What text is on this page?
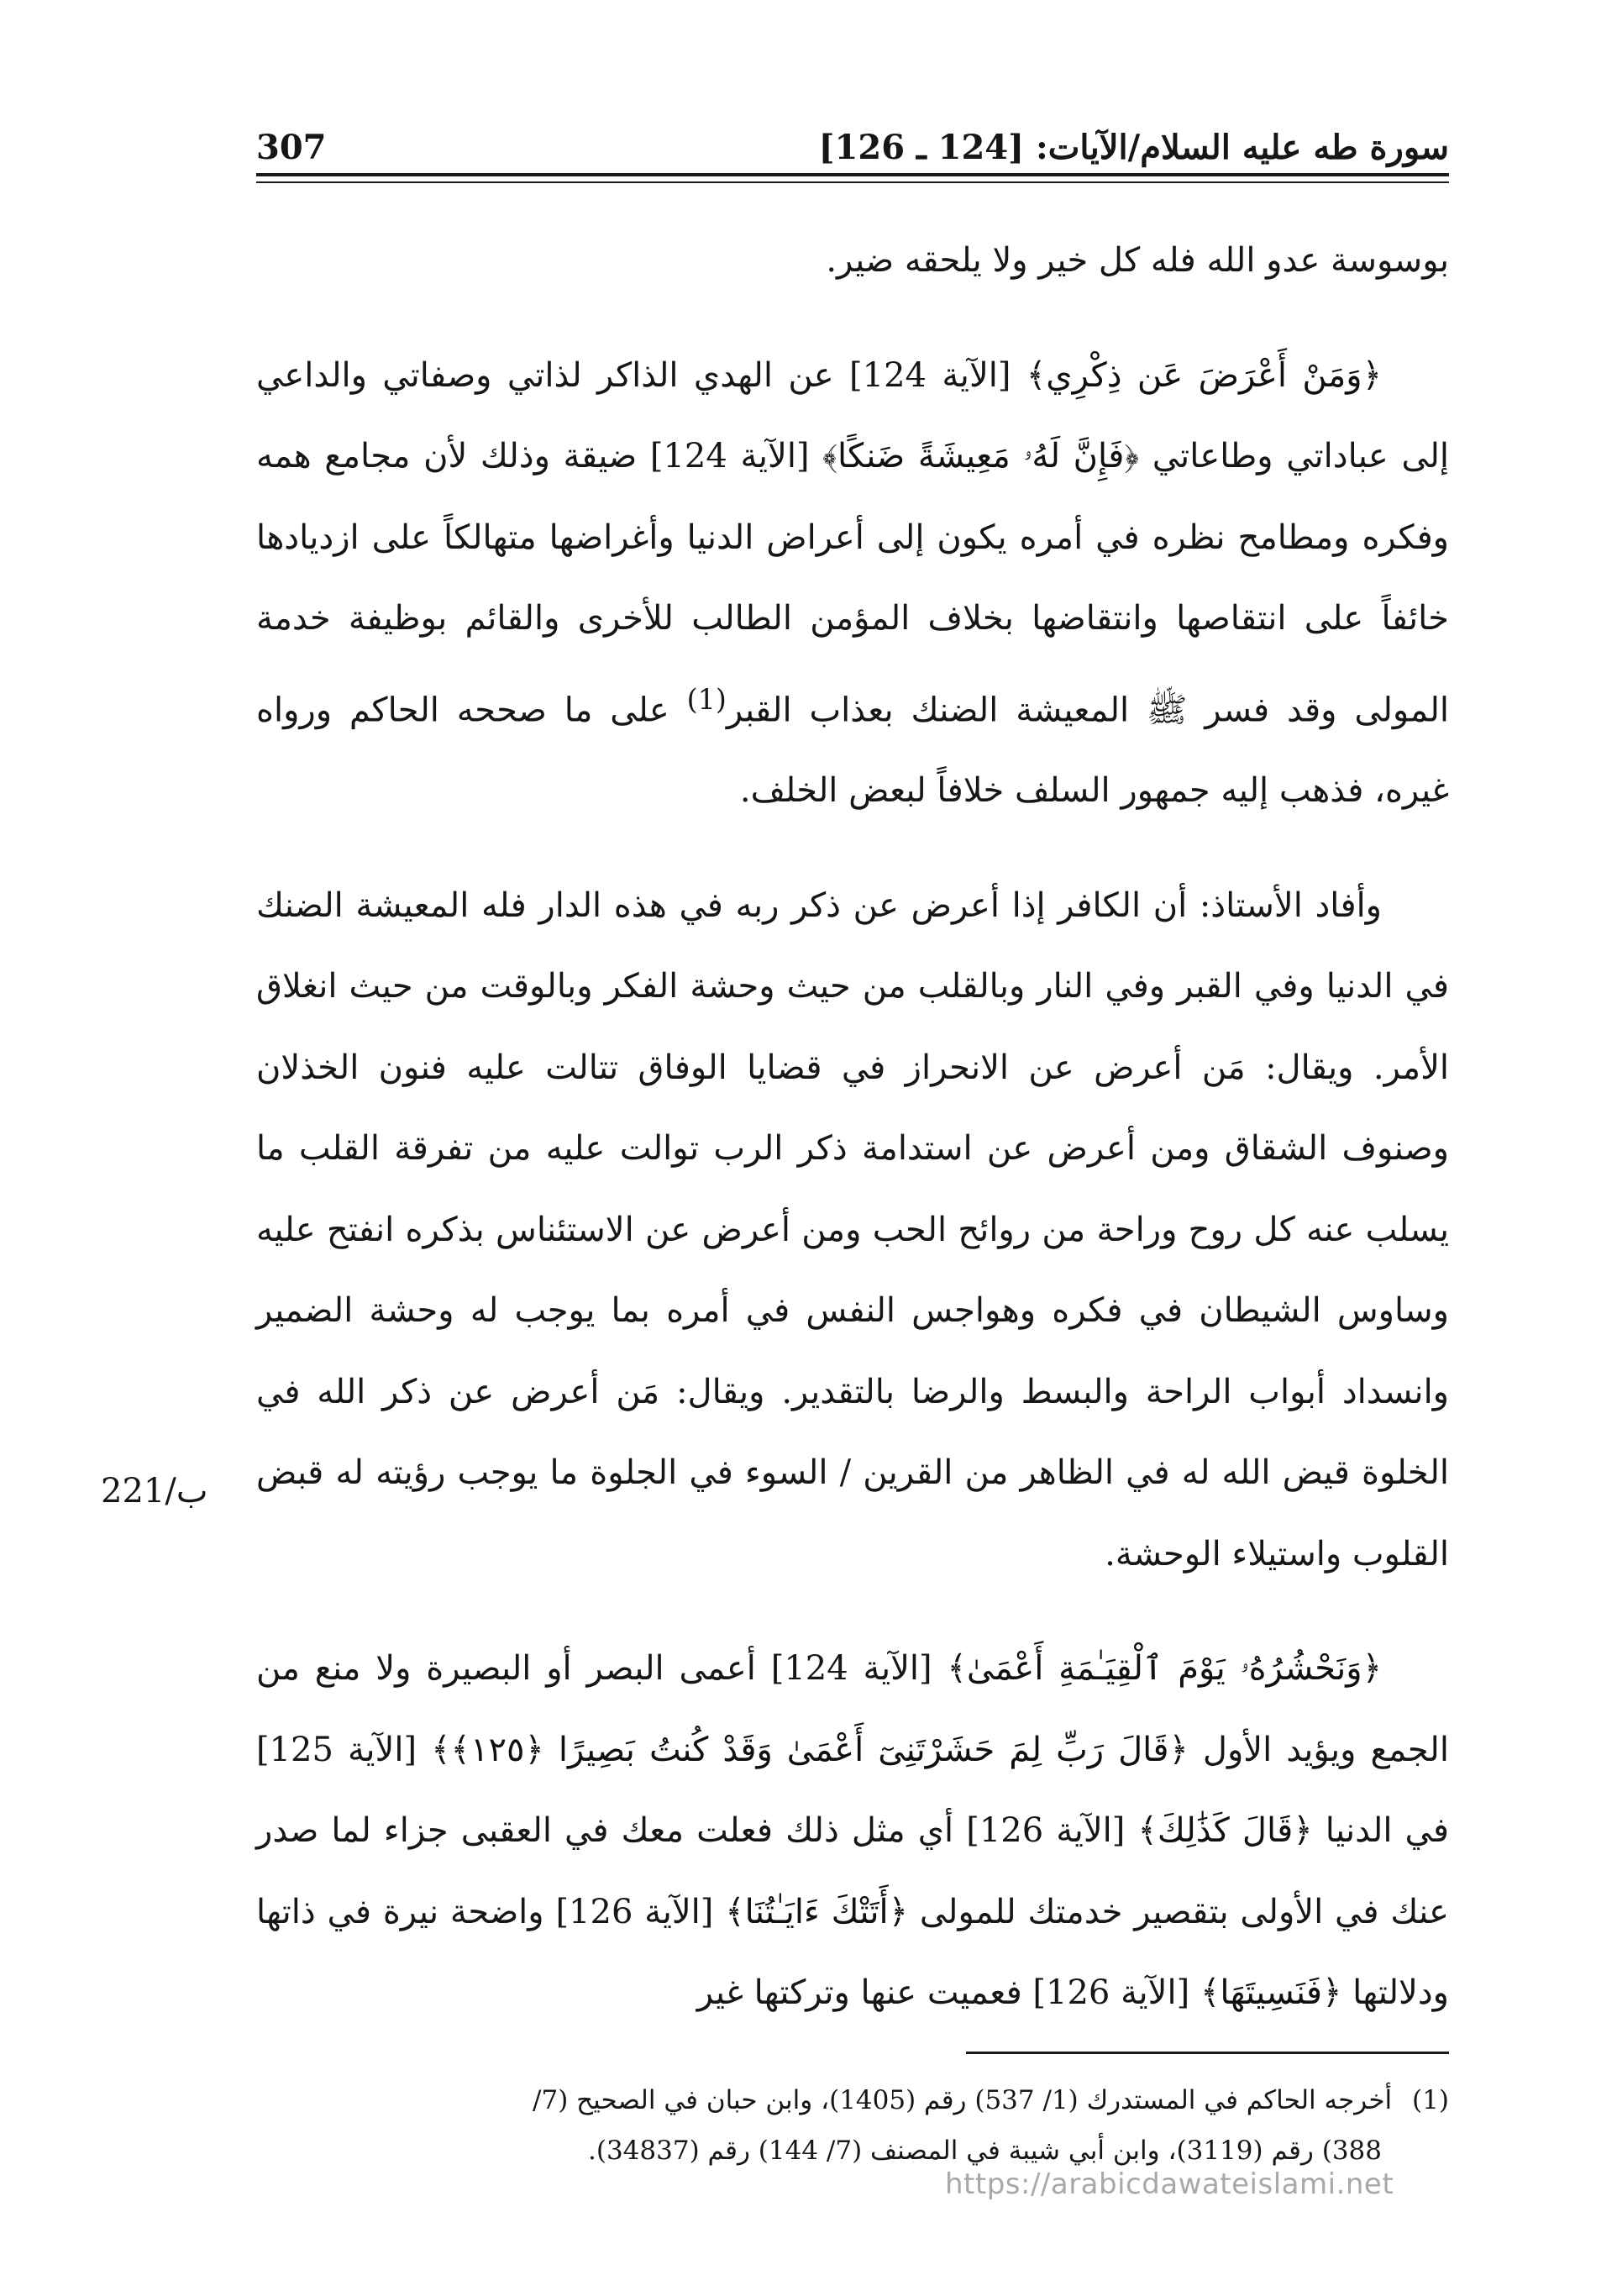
سورة طه عليه السلام/الآيات: [124 ـ 126]
307

بوسوسة عدو الله فله كل خير ولا يلحقه ضير.

﴿وَمَنْ أَعْرَضَ عَن ذِكْرِي﴾ [الآية 124] عن الهدي الذاكر لذاتي وصفاتي والداعي إلى عباداتي وطاعاتي ﴿فَإِنَّ لَهُۥ مَعِيشَةً ضَنكًا﴾ [الآية 124] ضيقة وذلك لأن مجامع همه وفكره ومطامح نظره في أمره يكون إلى أعراض الدنيا وأغراضها متهالكاً على ازديادها خائفاً على انتقاصها وانتقاضها بخلاف المؤمن الطالب للأخرى والقائم بوظيفة خدمة المولى وقد فسر ﷺ المعيشة الضنك بعذاب القبر$^{(1)}$ على ما صححه الحاكم ورواه غيره، فذهب إليه جمهور السلف خلافاً لبعض الخلف.

وأفاد الأستاذ: أن الكافر إذا أعرض عن ذكر ربه في هذه الدار فله المعيشة الضنك في الدنيا وفي القبر وفي النار وبالقلب من حيث وحشة الفكر وبالوقت من حيث انغلاق الأمر. ويقال: مَن أعرض عن الانحراز في قضايا الوفاق تتالت عليه فنون الخذلان وصنوف الشقاق ومن أعرض عن استدامة ذكر الرب توالت عليه من تفرقة القلب ما يسلب عنه كل روح وراحة من روائح الحب ومن أعرض عن الاستئناس بذكره انفتح عليه وساوس الشيطان في فكره وهواجس النفس في أمره بما يوجب له وحشة الضمير وانسداد أبواب الراحة والبسط والرضا بالتقدير. ويقال: مَن أعرض عن ذكر الله في الخلوة قيض الله له في الظاهر من القرين / السوء في الجلوة ما يوجب رؤيته له قبض القلوب واستيلاء الوحشة.

﴿وَنَحْشُرُهُۥ يَوْمَ ٱلْقِيَـٰمَةِ أَعْمَىٰ﴾ [الآية 124] أعمى البصر أو البصيرة ولا منع من الجمع ويؤيد الأول ﴿قَالَ رَبِّ لِمَ حَشَرْتَنِىٓ أَعْمَىٰ وَقَدْ كُنتُ بَصِيرًا ﴿١٢٥﴾﴾ [الآية 125] في الدنيا ﴿قَالَ كَذَٰلِكَ﴾ [الآية 126] أي مثل ذلك فعلت معك في العقبى جزاء لما صدر عنك في الأولى بتقصير خدمتك للمولى ﴿أَتَتْكَ ءَايَـٰتُنَا﴾ [الآية 126] واضحة نيرة في ذاتها ودلالتها ﴿فَنَسِيتَهَا﴾ [الآية 126] فعميت عنها وتركتها غير

221/ب
(1) أخرجه الحاكم في المستدرك (1/ 537) رقم (1405)، وابن حبان في الصحيح (7/
388) رقم (3119)، وابن أبي شيبة في المصنف (7/ 144) رقم (34837).
https://arabicdawateislami.net
